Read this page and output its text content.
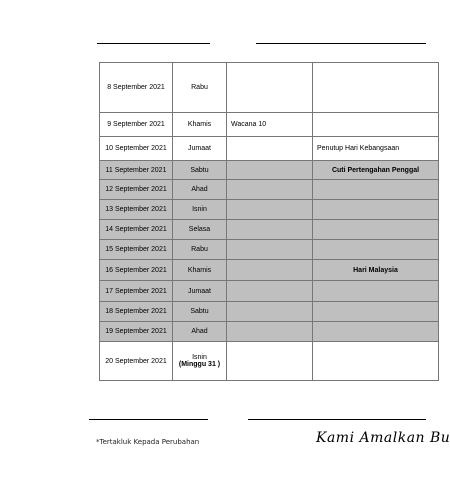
8 September 2021	Rabu		

9 September 2021	Khamis	Wacana 10	
10 September 2021	Jumaat		Penutup Hari Kebangsaan
11 September 2021	Sabtu		Cuti Pertengahan Penggal
12 September 2021	Ahad		

13 September 2021	Isnin		

14 September 2021	Selasa		

15 September 2021	Rabu		

16 September 2021	Khamis		Hari Malaysia
17 September 2021	Jumaat		

18 September 2021	Sabtu		

19 September 2021	Ahad		

20 September 2021	Isnin
(Minggu 31 )		

*Tertakluk Kepada Perubahan	Kami Amalkan Bu
